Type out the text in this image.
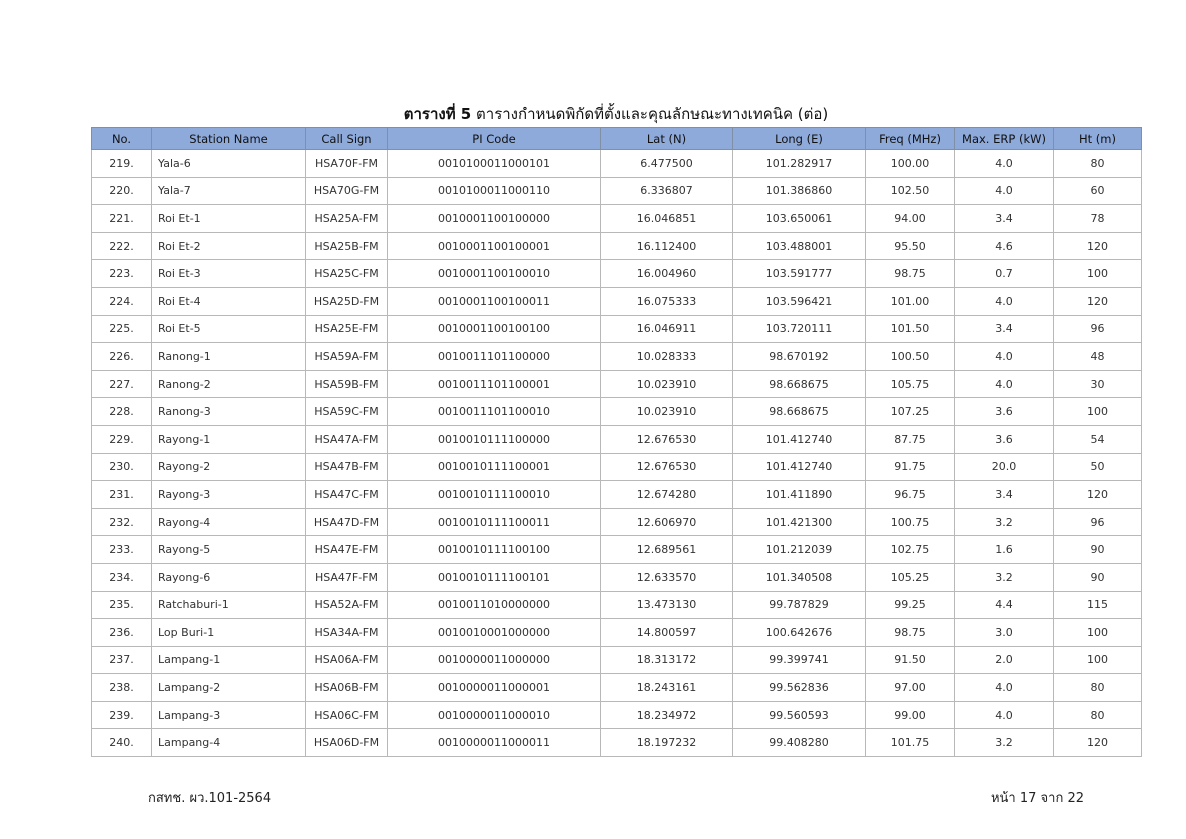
ตารางที่ 5 ตารางกำหนดพิกัดที่ตั้งและคุณลักษณะทางเทคนิค (ต่อ)
No.	Station Name	Call Sign	PI Code	Lat (N)	Long (E)	Freq (MHz)	Max. ERP (kW)	Ht (m)
219.	Yala-6	HSA70F-FM	0010100011000101	6.477500	101.282917	100.00	4.0	80
220.	Yala-7	HSA70G-FM	0010100011000110	6.336807	101.386860	102.50	4.0	60
221.	Roi Et-1	HSA25A-FM	0010001100100000	16.046851	103.650061	94.00	3.4	78
222.	Roi Et-2	HSA25B-FM	0010001100100001	16.112400	103.488001	95.50	4.6	120
223.	Roi Et-3	HSA25C-FM	0010001100100010	16.004960	103.591777	98.75	0.7	100
224.	Roi Et-4	HSA25D-FM	0010001100100011	16.075333	103.596421	101.00	4.0	120
225.	Roi Et-5	HSA25E-FM	0010001100100100	16.046911	103.720111	101.50	3.4	96
226.	Ranong-1	HSA59A-FM	0010011101100000	10.028333	98.670192	100.50	4.0	48
227.	Ranong-2	HSA59B-FM	0010011101100001	10.023910	98.668675	105.75	4.0	30
228.	Ranong-3	HSA59C-FM	0010011101100010	10.023910	98.668675	107.25	3.6	100
229.	Rayong-1	HSA47A-FM	0010010111100000	12.676530	101.412740	87.75	3.6	54
230.	Rayong-2	HSA47B-FM	0010010111100001	12.676530	101.412740	91.75	20.0	50
231.	Rayong-3	HSA47C-FM	0010010111100010	12.674280	101.411890	96.75	3.4	120
232.	Rayong-4	HSA47D-FM	0010010111100011	12.606970	101.421300	100.75	3.2	96
233.	Rayong-5	HSA47E-FM	0010010111100100	12.689561	101.212039	102.75	1.6	90
234.	Rayong-6	HSA47F-FM	0010010111100101	12.633570	101.340508	105.25	3.2	90
235.	Ratchaburi-1	HSA52A-FM	0010011010000000	13.473130	99.787829	99.25	4.4	115
236.	Lop Buri-1	HSA34A-FM	0010010001000000	14.800597	100.642676	98.75	3.0	100
237.	Lampang-1	HSA06A-FM	0010000011000000	18.313172	99.399741	91.50	2.0	100
238.	Lampang-2	HSA06B-FM	0010000011000001	18.243161	99.562836	97.00	4.0	80
239.	Lampang-3	HSA06C-FM	0010000011000010	18.234972	99.560593	99.00	4.0	80
240.	Lampang-4	HSA06D-FM	0010000011000011	18.197232	99.408280	101.75	3.2	120
กสทช. ผว.101-2564	หน้า 17 จาก 22
